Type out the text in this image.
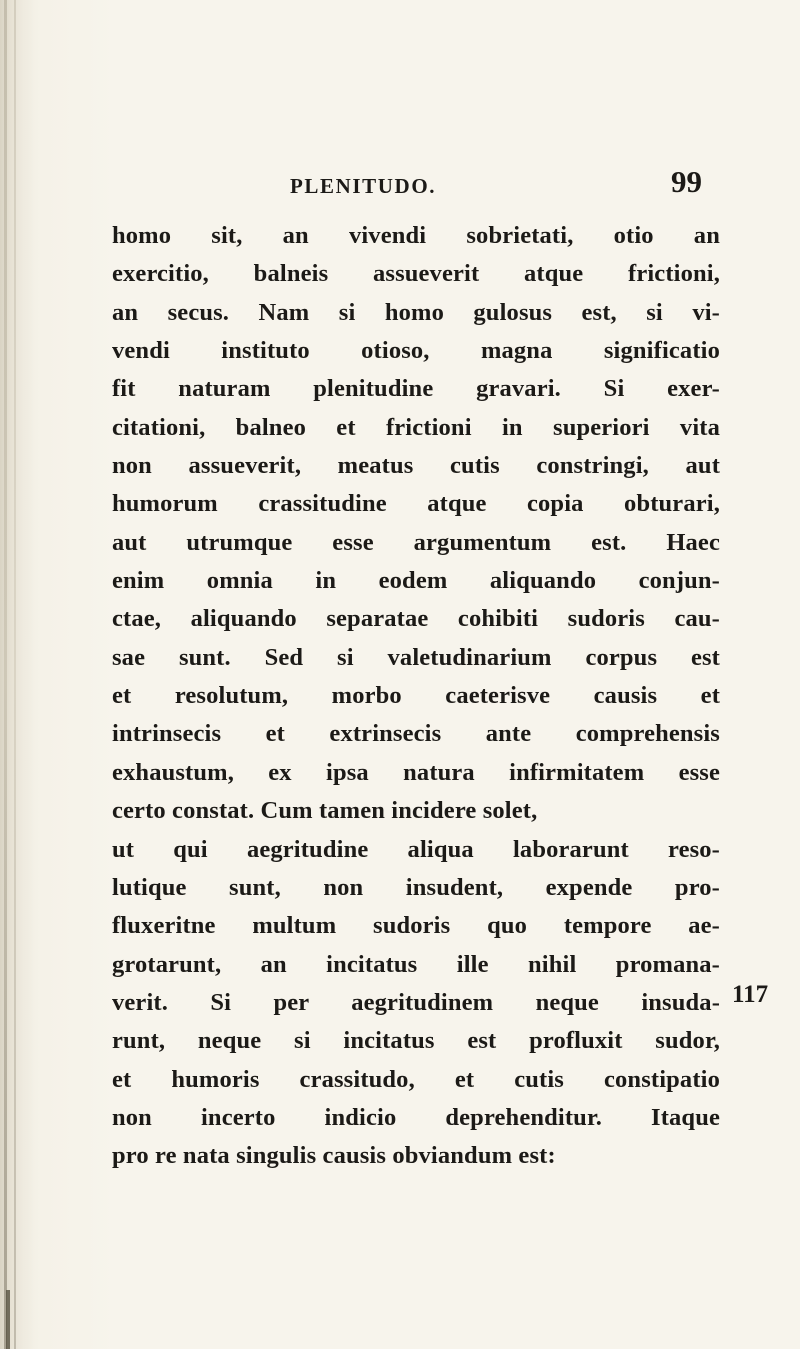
PLENITUDO.	99
homo sit, an vivendi sobrietati, otio an
exercitio, balneis assueverit atque frictioni,
an secus. Nam si homo gulosus est, si vi-
vendi instituto otioso, magna significatio
fit naturam plenitudine gravari. Si exer-
citationi, balneo et frictioni in superiori vita
non assueverit, meatus cutis constringi, aut
humorum crassitudine atque copia obturari,
aut utrumque esse argumentum est. Haec
enim omnia in eodem aliquando conjun-
ctae, aliquando separatae cohibiti sudoris cau-
sae sunt. Sed si valetudinarium corpus est
et resolutum, morbo caeterisve causis et
intrinsecis et extrinsecis ante comprehensis
exhaustum, ex ipsa natura infirmitatem esse
certo constat. Cum tamen incidere solet,
ut qui aegritudine aliqua laborarunt reso-
lutique sunt, non insudent, expende pro-
fluxeritne multum sudoris quo tempore ae-
grotarunt, an incitatus ille nihil promana-
verit. Si per aegritudinem neque insuda-
runt, neque si incitatus est profluxit sudor,
et humoris crassitudo, et cutis constipatio
non incerto indicio deprehenditur. Itaque
pro re nata singulis causis obviandum est:
117
